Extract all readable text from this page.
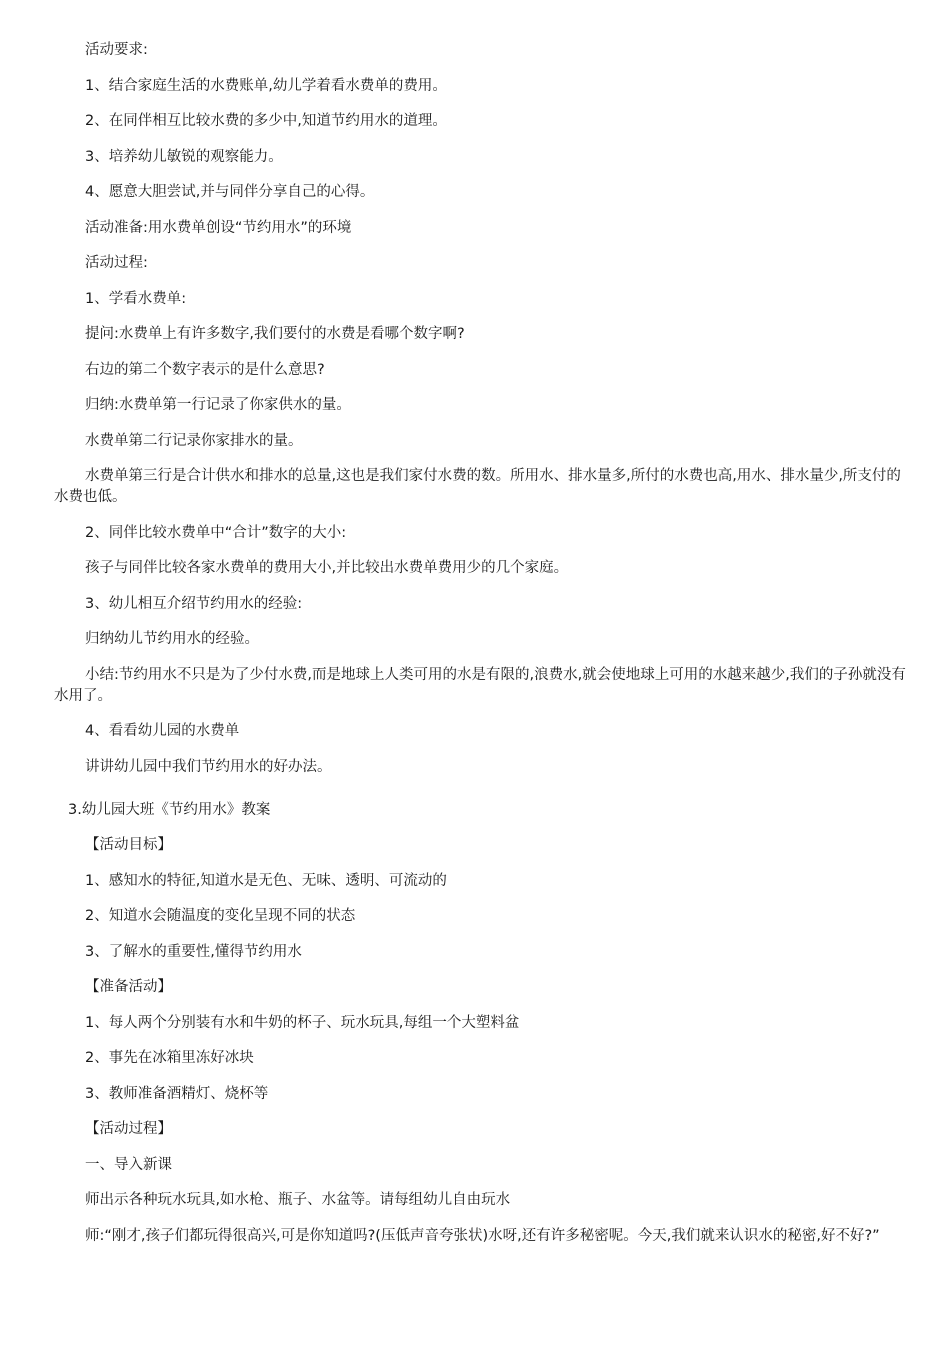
活动要求:

1、结合家庭生活的水费账单,幼儿学着看水费单的费用。

2、在同伴相互比较水费的多少中,知道节约用水的道理。

3、培养幼儿敏锐的观察能力。

4、愿意大胆尝试,并与同伴分享自己的心得。

活动准备:用水费单创设“节约用水”的环境

活动过程:

1、学看水费单:

提问:水费单上有许多数字,我们要付的水费是看哪个数字啊?

右边的第二个数字表示的是什么意思?

归纳:水费单第一行记录了你家供水的量。

水费单第二行记录你家排水的量。

水费单第三行是合计供水和排水的总量,这也是我们家付水费的数。所用水、排水量多,所付的水费也高,用水、排水量少,所支付的水费也低。

2、同伴比较水费单中“合计”数字的大小:

孩子与同伴比较各家水费单的费用大小,并比较出水费单费用少的几个家庭。

3、幼儿相互介绍节约用水的经验:

归纳幼儿节约用水的经验。

小结:节约用水不只是为了少付水费,而是地球上人类可用的水是有限的,浪费水,就会使地球上可用的水越来越少,我们的子孙就没有水用了。

4、看看幼儿园的水费单

讲讲幼儿园中我们节约用水的好办法。

3.幼儿园大班《节约用水》教案

【活动目标】

1、感知水的特征,知道水是无色、无味、透明、可流动的

2、知道水会随温度的变化呈现不同的状态

3、了解水的重要性,懂得节约用水

【准备活动】

1、每人两个分别装有水和牛奶的杯子、玩水玩具,每组一个大塑料盆

2、事先在冰箱里冻好冰块

3、教师准备酒精灯、烧杯等

【活动过程】

一、导入新课

师出示各种玩水玩具,如水枪、瓶子、水盆等。请每组幼儿自由玩水

师:“刚才,孩子们都玩得很高兴,可是你知道吗?(压低声音夸张状)水呀,还有许多秘密呢。今天,我们就来认识水的秘密,好不好?”
